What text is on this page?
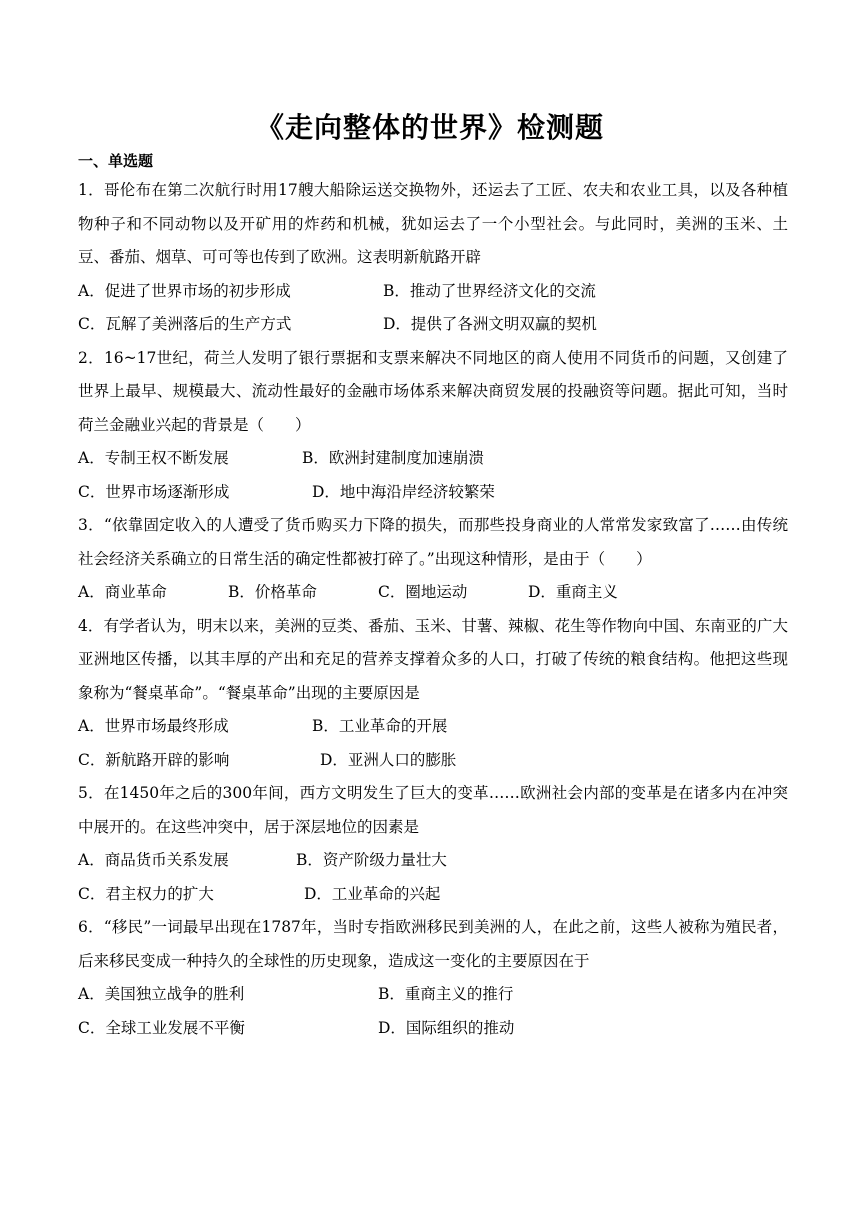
《走向整体的世界》检测题
一、单选题

1．哥伦布在第二次航行时用17艘大船除运送交换物外，还运去了工匠、农夫和农业工具，以及各种植物种子和不同动物以及开矿用的炸药和机械，犹如运去了一个小型社会。与此同时，美洲的玉米、土豆、番茄、烟草、可可等也传到了欧洲。这表明新航路开辟

A．促进了世界市场的初步形成	B．推动了世界经济文化的交流
C．瓦解了美洲落后的生产方式	D．提供了各洲文明双赢的契机

2．16~17世纪，荷兰人发明了银行票据和支票来解决不同地区的商人使用不同货币的问题，又创建了世界上最早、规模最大、流动性最好的金融市场体系来解决商贸发展的投融资等问题。据此可知，当时荷兰金融业兴起的背景是（　　）

A．专制王权不断发展	B．欧洲封建制度加速崩溃
C．世界市场逐渐形成	D．地中海沿岸经济较繁荣

3．“依靠固定收入的人遭受了货币购买力下降的损失，而那些投身商业的人常常发家致富了……由传统社会经济关系确立的日常生活的确定性都被打碎了。”出现这种情形，是由于（　　）

A．商业革命	B．价格革命	C．圈地运动	D．重商主义

4．有学者认为，明末以来，美洲的豆类、番茄、玉米、甘薯、辣椒、花生等作物向中国、东南亚的广大亚洲地区传播，以其丰厚的产出和充足的营养支撑着众多的人口，打破了传统的粮食结构。他把这些现象称为“餐桌革命”。“餐桌革命”出现的主要原因是

A．世界市场最终形成	B．工业革命的开展
C．新航路开辟的影响	D．亚洲人口的膨胀

5．在1450年之后的300年间，西方文明发生了巨大的变革……欧洲社会内部的变革是在诸多内在冲突中展开的。在这些冲突中，居于深层地位的因素是

A．商品货币关系发展	B．资产阶级力量壮大
C．君主权力的扩大	D．工业革命的兴起

6．“移民”一词最早出现在1787年，当时专指欧洲移民到美洲的人，在此之前，这些人被称为殖民者，后来移民变成一种持久的全球性的历史现象，造成这一变化的主要原因在于

A．美国独立战争的胜利	B．重商主义的推行
C．全球工业发展不平衡	D．国际组织的推动
